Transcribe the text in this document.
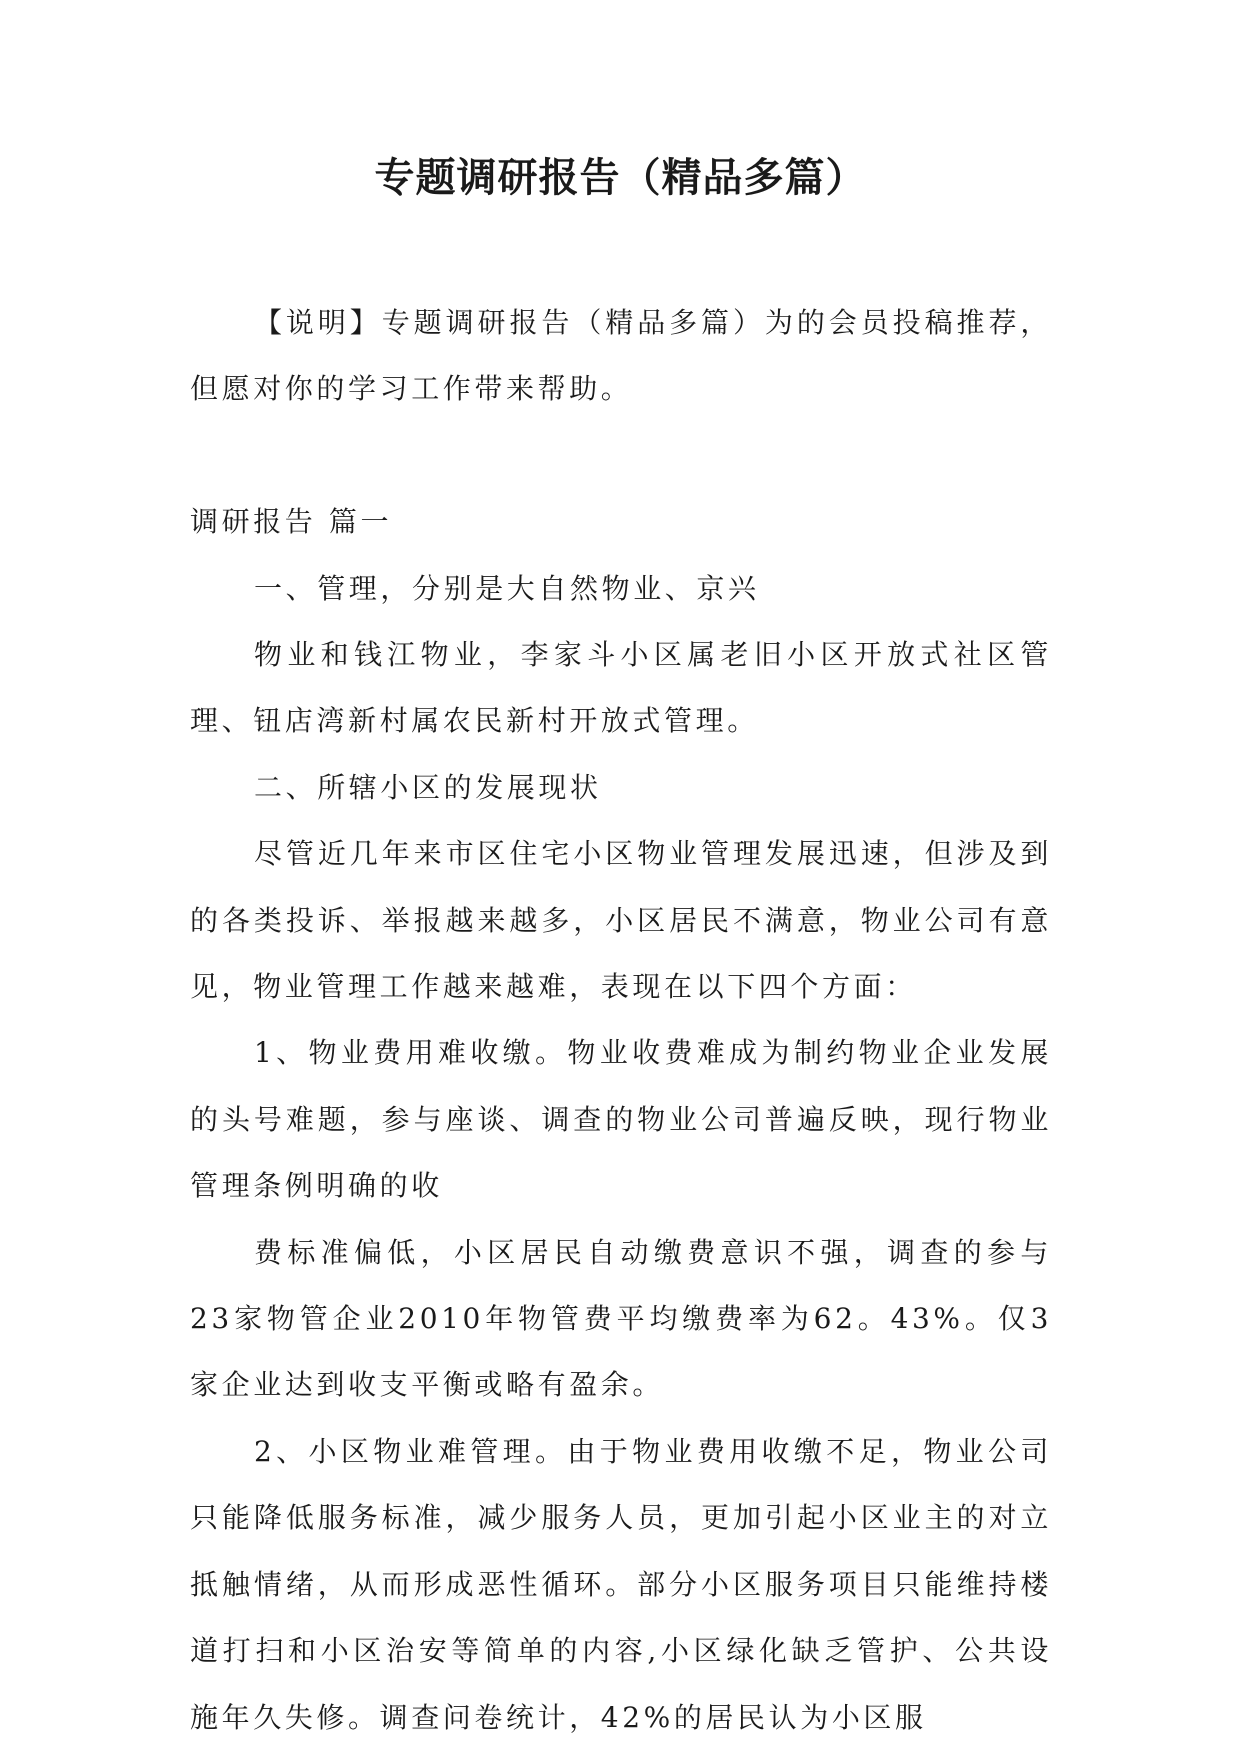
专题调研报告（精品多篇）

【说明】专题调研报告（精品多篇）为的会员投稿推荐，但愿对你的学习工作带来帮助。

调研报告 篇一

一、管理，分别是大自然物业、京兴

物业和钱江物业，李家斗小区属老旧小区开放式社区管理、钮店湾新村属农民新村开放式管理。

二、所辖小区的发展现状

尽管近几年来市区住宅小区物业管理发展迅速，但涉及到的各类投诉、举报越来越多，小区居民不满意，物业公司有意见，物业管理工作越来越难，表现在以下四个方面：

1、物业费用难收缴。物业收费难成为制约物业企业发展的头号难题，参与座谈、调查的物业公司普遍反映，现行物业管理条例明确的收

费标准偏低，小区居民自动缴费意识不强，调查的参与23家物管企业2010年物管费平均缴费率为62。43%。仅3家企业达到收支平衡或略有盈余。

2、小区物业难管理。由于物业费用收缴不足，物业公司只能降低服务标准，减少服务人员，更加引起小区业主的对立抵触情绪，从而形成恶性循环。部分小区服务项目只能维持楼道打扫和小区治安等简单的内容,小区绿化缺乏管护、公共设施年久失修。调查问卷统计，42%的居民认为小区服
